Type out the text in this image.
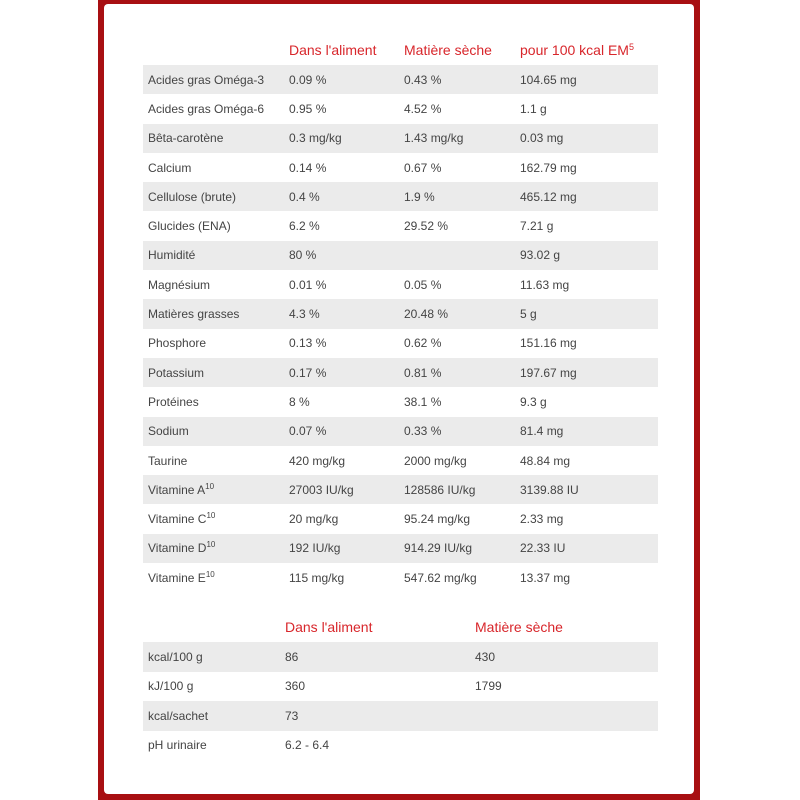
	Dans l'aliment	Matière sèche	pour 100 kcal $EM^5$
Acides gras Oméga-3	0.09 %	0.43 %	104.65 mg
Acides gras Oméga-6	0.95 %	4.52 %	1.1 g
Bêta-carotène	0.3 mg/kg	1.43 mg/kg	0.03 mg
Calcium	0.14 %	0.67 %	162.79 mg
Cellulose (brute)	0.4 %	1.9 %	465.12 mg
Glucides (ENA)	6.2 %	29.52 %	7.21 g
Humidité	80 %		93.02 g
Magnésium	0.01 %	0.05 %	11.63 mg
Matières grasses	4.3 %	20.48 %	5 g
Phosphore	0.13 %	0.62 %	151.16 mg
Potassium	0.17 %	0.81 %	197.67 mg
Protéines	8 %	38.1 %	9.3 g
Sodium	0.07 %	0.33 %	81.4 mg
Taurine	420 mg/kg	2000 mg/kg	48.84 mg
Vitamine $A^{10}$	27003 IU/kg	128586 IU/kg	3139.88 IU
Vitamine $C^{10}$	20 mg/kg	95.24 mg/kg	2.33 mg
Vitamine $D^{10}$	192 IU/kg	914.29 IU/kg	22.33 IU
Vitamine $E^{10}$	115 mg/kg	547.62 mg/kg	13.37 mg
	Dans l'aliment	Matière sèche
kcal/100 g	86	430
kJ/100 g	360	1799
kcal/sachet	73	
pH urinaire	6.2 - 6.4	
